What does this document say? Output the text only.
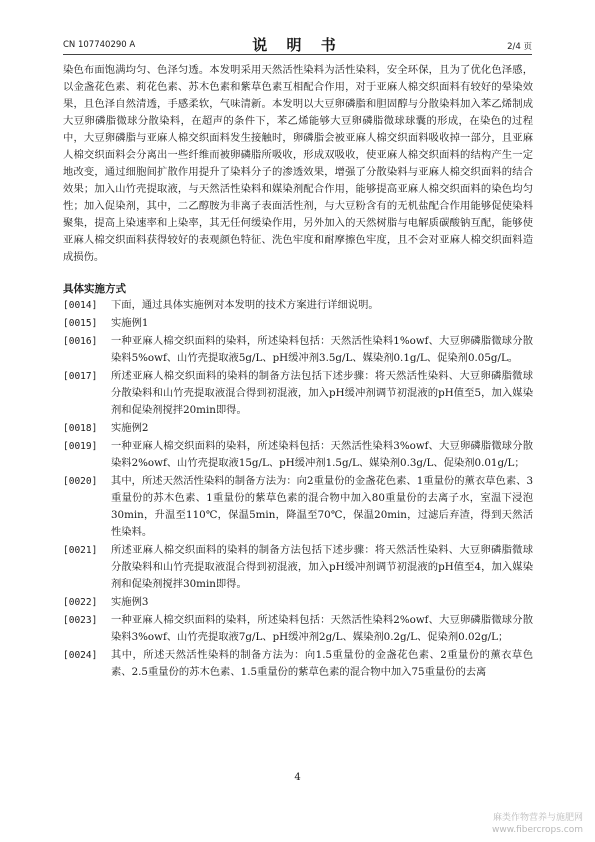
CN 107740290 A	说 明 书	2/4 页

染色布面饱满均匀、色泽匀透。本发明采用天然活性染料为活性染料，安全环保，且为了优化色泽感，以金盏花色素、莉花色素、苏木色素和紫草色素互相配合作用，对于亚麻人棉交织面料有较好的晕染效果，且色泽自然清透，手感柔软，气味清新。本发明以大豆卵磷脂和胆固醇与分散染料加入苯乙烯制成大豆卵磷脂微球分散染料，在超声的条件下，苯乙烯能够大豆卵磷脂微球球囊的形成，在染色的过程中，大豆卵磷脂与亚麻人棉交织面料发生接触时，卵磷脂会被亚麻人棉交织面料吸收掉一部分，且亚麻人棉交织面料会分离出一些纤维而被卵磷脂所吸收，形成双吸收，使亚麻人棉交织面料的结构产生一定地改变，通过细胞间扩散作用提升了染料分子的渗透效果，增强了分散染料与亚麻人棉交织面料的结合效果；加入山竹壳提取液，与天然活性染料和媒染剂配合作用，能够提高亚麻人棉交织面料的染色均匀性；加入促染剂，其中，二乙醇胺为非离子表面活性剂，与大豆粉含有的无机盐配合作用能够促使染料聚集，提高上染速率和上染率，其无任何缓染作用，另外加入的天然树脂与电解质碳酸钠互配，能够使亚麻人棉交织面料获得较好的表观颜色特征、洗色牢度和耐摩擦色牢度，且不会对亚麻人棉交织面料造成损伤。

具体实施方式
[0014]	下面，通过具体实施例对本发明的技术方案进行详细说明。
[0015]	实施例1
[0016]	一种亚麻人棉交织面料的染料，所述染料包括：天然活性染料1%owf、大豆卵磷脂微球分散染料5%owf、山竹壳提取液5g/L、pH缓冲剂3.5g/L、媒染剂0.1g/L、促染剂0.05g/L。
[0017]	所述亚麻人棉交织面料的染料的制备方法包括下述步骤：将天然活性染料、大豆卵磷脂微球分散染料和山竹壳提取液混合得到初混液，加入pH缓冲剂调节初混液的pH值至5，加入媒染剂和促染剂搅拌20min即得。
[0018]	实施例2
[0019]	一种亚麻人棉交织面料的染料，所述染料包括：天然活性染料3%owf、大豆卵磷脂微球分散染料2%owf、山竹壳提取液15g/L、pH缓冲剂1.5g/L、媒染剂0.3g/L、促染剂0.01g/L；
[0020]	其中，所述天然活性染料的制备方法为：向2重量份的金盏花色素、1重量份的薰衣草色素、3重量份的苏木色素、1重量份的紫草色素的混合物中加入80重量份的去离子水，室温下浸泡30min，升温至110℃，保温5min，降温至70℃，保温20min，过滤后弃渣，得到天然活性染料。
[0021]	所述亚麻人棉交织面料的染料的制备方法包括下述步骤：将天然活性染料、大豆卵磷脂微球分散染料和山竹壳提取液混合得到初混液，加入pH缓冲剂调节初混液的pH值至4，加入媒染剂和促染剂搅拌30min即得。
[0022]	实施例3
[0023]	一种亚麻人棉交织面料的染料，所述染料包括：天然活性染料2%owf、大豆卵磷脂微球分散染料3%owf、山竹壳提取液7g/L、pH缓冲剂2g/L、媒染剂0.2g/L、促染剂0.02g/L；
[0024]	其中，所述天然活性染料的制备方法为：向1.5重量份的金盏花色素、2重量份的薰衣草色素、2.5重量份的苏木色素、1.5重量份的紫草色素的混合物中加入75重量份的去离
4
麻类作物营养与施肥网
www.fibercrops.com
